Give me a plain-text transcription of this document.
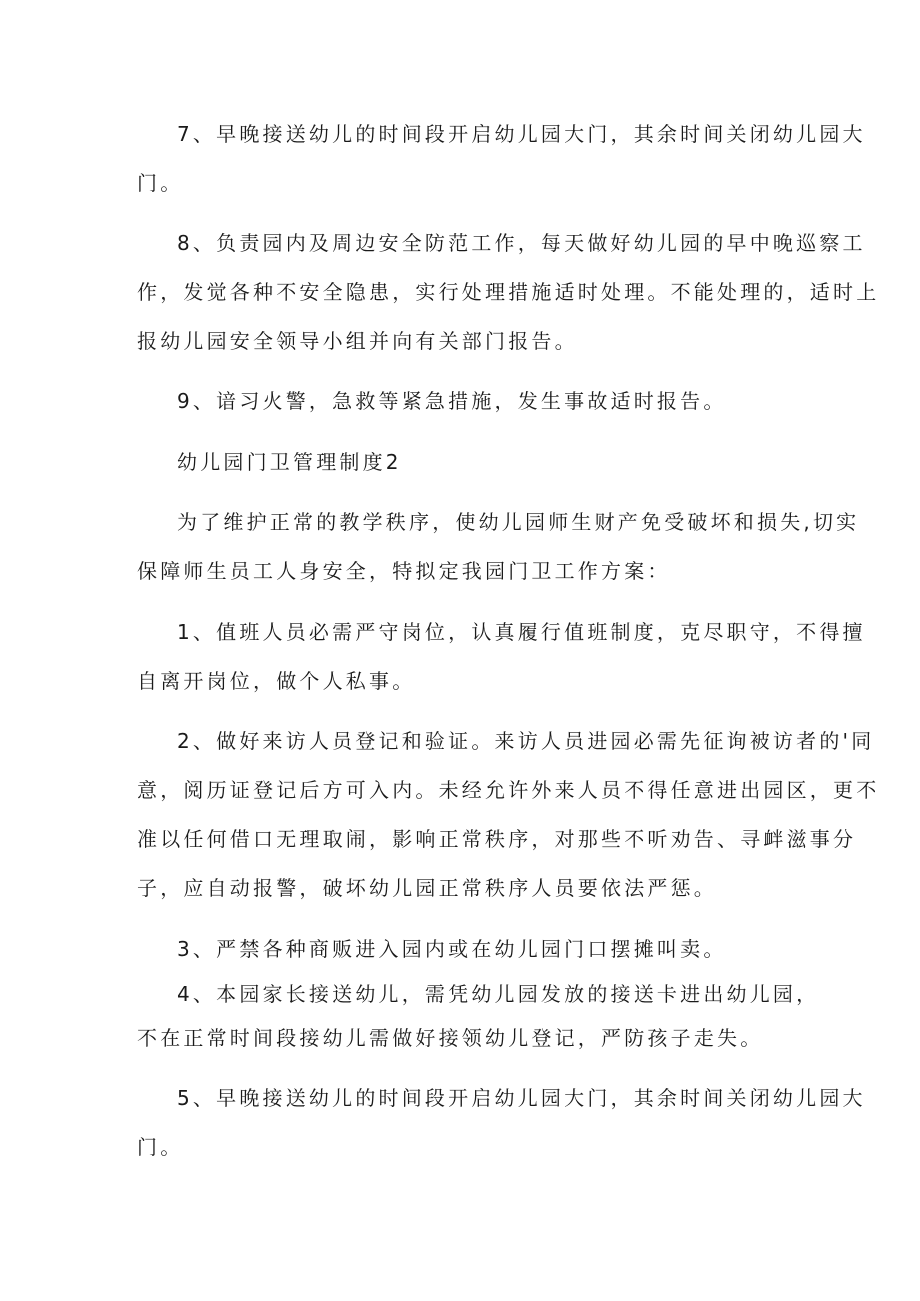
7、早晚接送幼儿的时间段开启幼儿园大门，其余时间关闭幼儿园大
门。
8、负责园内及周边安全防范工作，每天做好幼儿园的早中晚巡察工
作，发觉各种不安全隐患，实行处理措施适时处理。不能处理的，适时上
报幼儿园安全领导小组并向有关部门报告。
9、谙习火警，急救等紧急措施，发生事故适时报告。
幼儿园门卫管理制度2
为了维护正常的教学秩序，使幼儿园师生财产免受破坏和损失,切实
保障师生员工人身安全，特拟定我园门卫工作方案：
1、值班人员必需严守岗位，认真履行值班制度，克尽职守，不得擅
自离开岗位，做个人私事。
2、做好来访人员登记和验证。来访人员进园必需先征询被访者的'同
意，阅历证登记后方可入内。未经允许外来人员不得任意进出园区，更不
准以任何借口无理取闹，影响正常秩序，对那些不听劝告、寻衅滋事分
子，应自动报警，破坏幼儿园正常秩序人员要依法严惩。
3、严禁各种商贩进入园内或在幼儿园门口摆摊叫卖。
4、本园家长接送幼儿，需凭幼儿园发放的接送卡进出幼儿园，
不在正常时间段接幼儿需做好接领幼儿登记，严防孩子走失。
5、早晚接送幼儿的时间段开启幼儿园大门，其余时间关闭幼儿园大
门。
